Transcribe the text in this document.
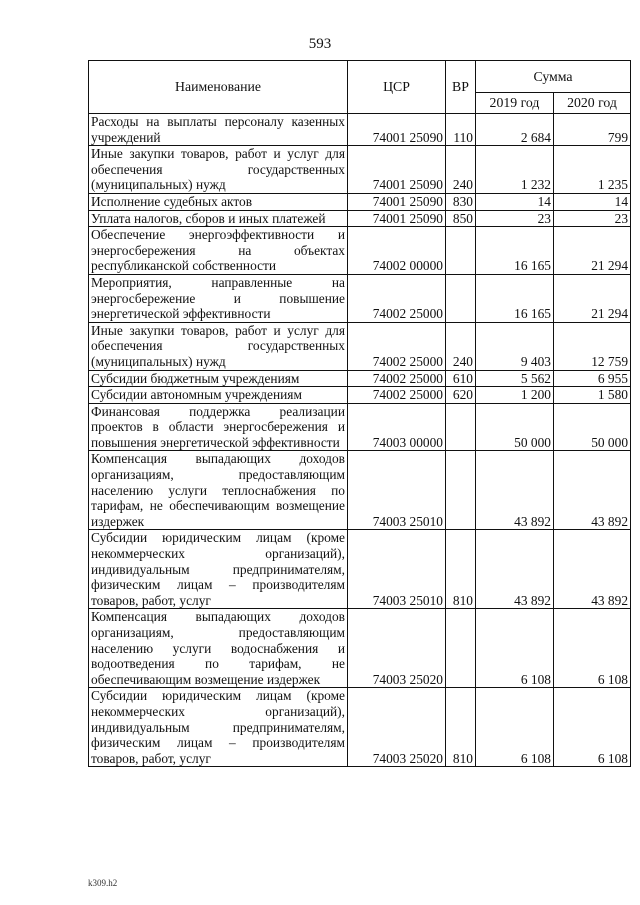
593
Наименование	ЦСР	ВР	Сумма	
			2019 год	2020 год
Расходы на выплаты персоналу казенных учреждений	74001 25090	110	2 684	799
Иные закупки товаров, работ и услуг для обеспечения государственных (муниципальных) нужд	74001 25090	240	1 232	1 235
Исполнение судебных актов	74001 25090	830	14	14
Уплата налогов, сборов и иных платежей	74001 25090	850	23	23
Обеспечение энергоэффективности и энергосбережения на объектах республиканской собственности	74002 00000		16 165	21 294
Мероприятия, направленные на энергосбережение и повышение энергетической эффективности	74002 25000		16 165	21 294
Иные закупки товаров, работ и услуг для обеспечения государственных (муниципальных) нужд	74002 25000	240	9 403	12 759
Субсидии бюджетным учреждениям	74002 25000	610	5 562	6 955
Субсидии автономным учреждениям	74002 25000	620	1 200	1 580
Финансовая поддержка реализации проектов в области энергосбережения и повышения энергетической эффективности	74003 00000		50 000	50 000
Компенсация выпадающих доходов организациям, предоставляющим населению услуги теплоснабжения по тарифам, не обеспечивающим возмещение издержек	74003 25010		43 892	43 892
Субсидии юридическим лицам (кроме некоммерческих организаций), индивидуальным предпринимателям, физическим лицам – производителям товаров, работ, услуг	74003 25010	810	43 892	43 892
Компенсация выпадающих доходов организациям, предоставляющим населению услуги водоснабжения и водоотведения по тарифам, не обеспечивающим возмещение издержек	74003 25020		6 108	6 108
Субсидии юридическим лицам (кроме некоммерческих организаций), индивидуальным предпринимателям, физическим лицам – производителям товаров, работ, услуг	74003 25020	810	6 108	6 108
k309.h2
